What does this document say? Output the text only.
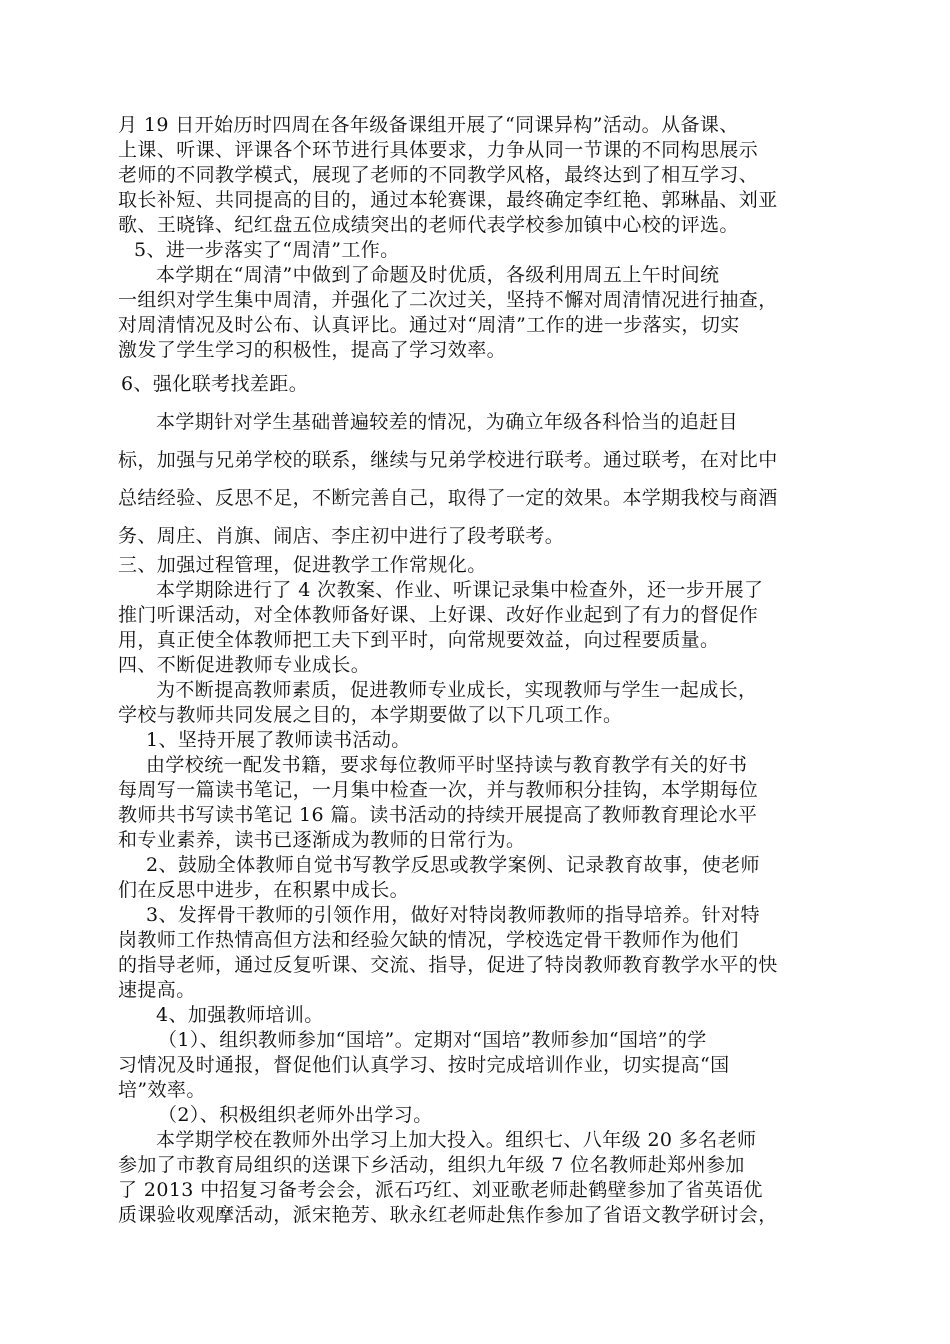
月 19 日开始历时四周在各年级备课组开展了“同课异构”活动。从备课、
上课、听课、评课各个环节进行具体要求，力争从同一节课的不同构思展示
老师的不同教学模式，展现了老师的不同教学风格，最终达到了相互学习、
取长补短、共同提高的目的，通过本轮赛课，最终确定李红艳、郭琳晶、刘亚
歌、王晓锋、纪红盘五位成绩突出的老师代表学校参加镇中心校的评选。
5、进一步落实了“周清”工作。
本学期在“周清”中做到了命题及时优质，各级利用周五上午时间统
一组织对学生集中周清，并强化了二次过关，坚持不懈对周清情况进行抽查，
对周清情况及时公布、认真评比。通过对“周清”工作的进一步落实，切实
激发了学生学习的积极性，提高了学习效率。
6、强化联考找差距。
本学期针对学生基础普遍较差的情况，为确立年级各科恰当的追赶目
标，加强与兄弟学校的联系，继续与兄弟学校进行联考。通过联考，在对比中
总结经验、反思不足，不断完善自己，取得了一定的效果。本学期我校与商酒
务、周庄、肖旗、闹店、李庄初中进行了段考联考。
三、加强过程管理，促进教学工作常规化。
本学期除进行了 4 次教案、作业、听课记录集中检查外，还一步开展了
推门听课活动，对全体教师备好课、上好课、改好作业起到了有力的督促作
用，真正使全体教师把工夫下到平时，向常规要效益，向过程要质量。
四、不断促进教师专业成长。
为不断提高教师素质，促进教师专业成长，实现教师与学生一起成长，
学校与教师共同发展之目的，本学期要做了以下几项工作。
1、坚持开展了教师读书活动。
由学校统一配发书籍，要求每位教师平时坚持读与教育教学有关的好书
每周写一篇读书笔记，一月集中检查一次，并与教师积分挂钩，本学期每位
教师共书写读书笔记 16 篇。读书活动的持续开展提高了教师教育理论水平
和专业素养，读书已逐渐成为教师的日常行为。
2、鼓励全体教师自觉书写教学反思或教学案例、记录教育故事，使老师
们在反思中进步，在积累中成长。
3、发挥骨干教师的引领作用，做好对特岗教师教师的指导培养。针对特
岗教师工作热情高但方法和经验欠缺的情况，学校选定骨干教师作为他们
的指导老师，通过反复听课、交流、指导，促进了特岗教师教育教学水平的快
速提高。
4、加强教师培训。
（1）、组织教师参加“国培”。定期对“国培”教师参加“国培”的学
习情况及时通报，督促他们认真学习、按时完成培训作业，切实提高“国
培”效率。
（2）、积极组织老师外出学习。
本学期学校在教师外出学习上加大投入。组织七、八年级 20 多名老师
参加了市教育局组织的送课下乡活动，组织九年级 7 位名教师赴郑州参加
了 2013 中招复习备考会会，派石巧红、刘亚歌老师赴鹤壁参加了省英语优
质课验收观摩活动，派宋艳芳、耿永红老师赴焦作参加了省语文教学研讨会，
